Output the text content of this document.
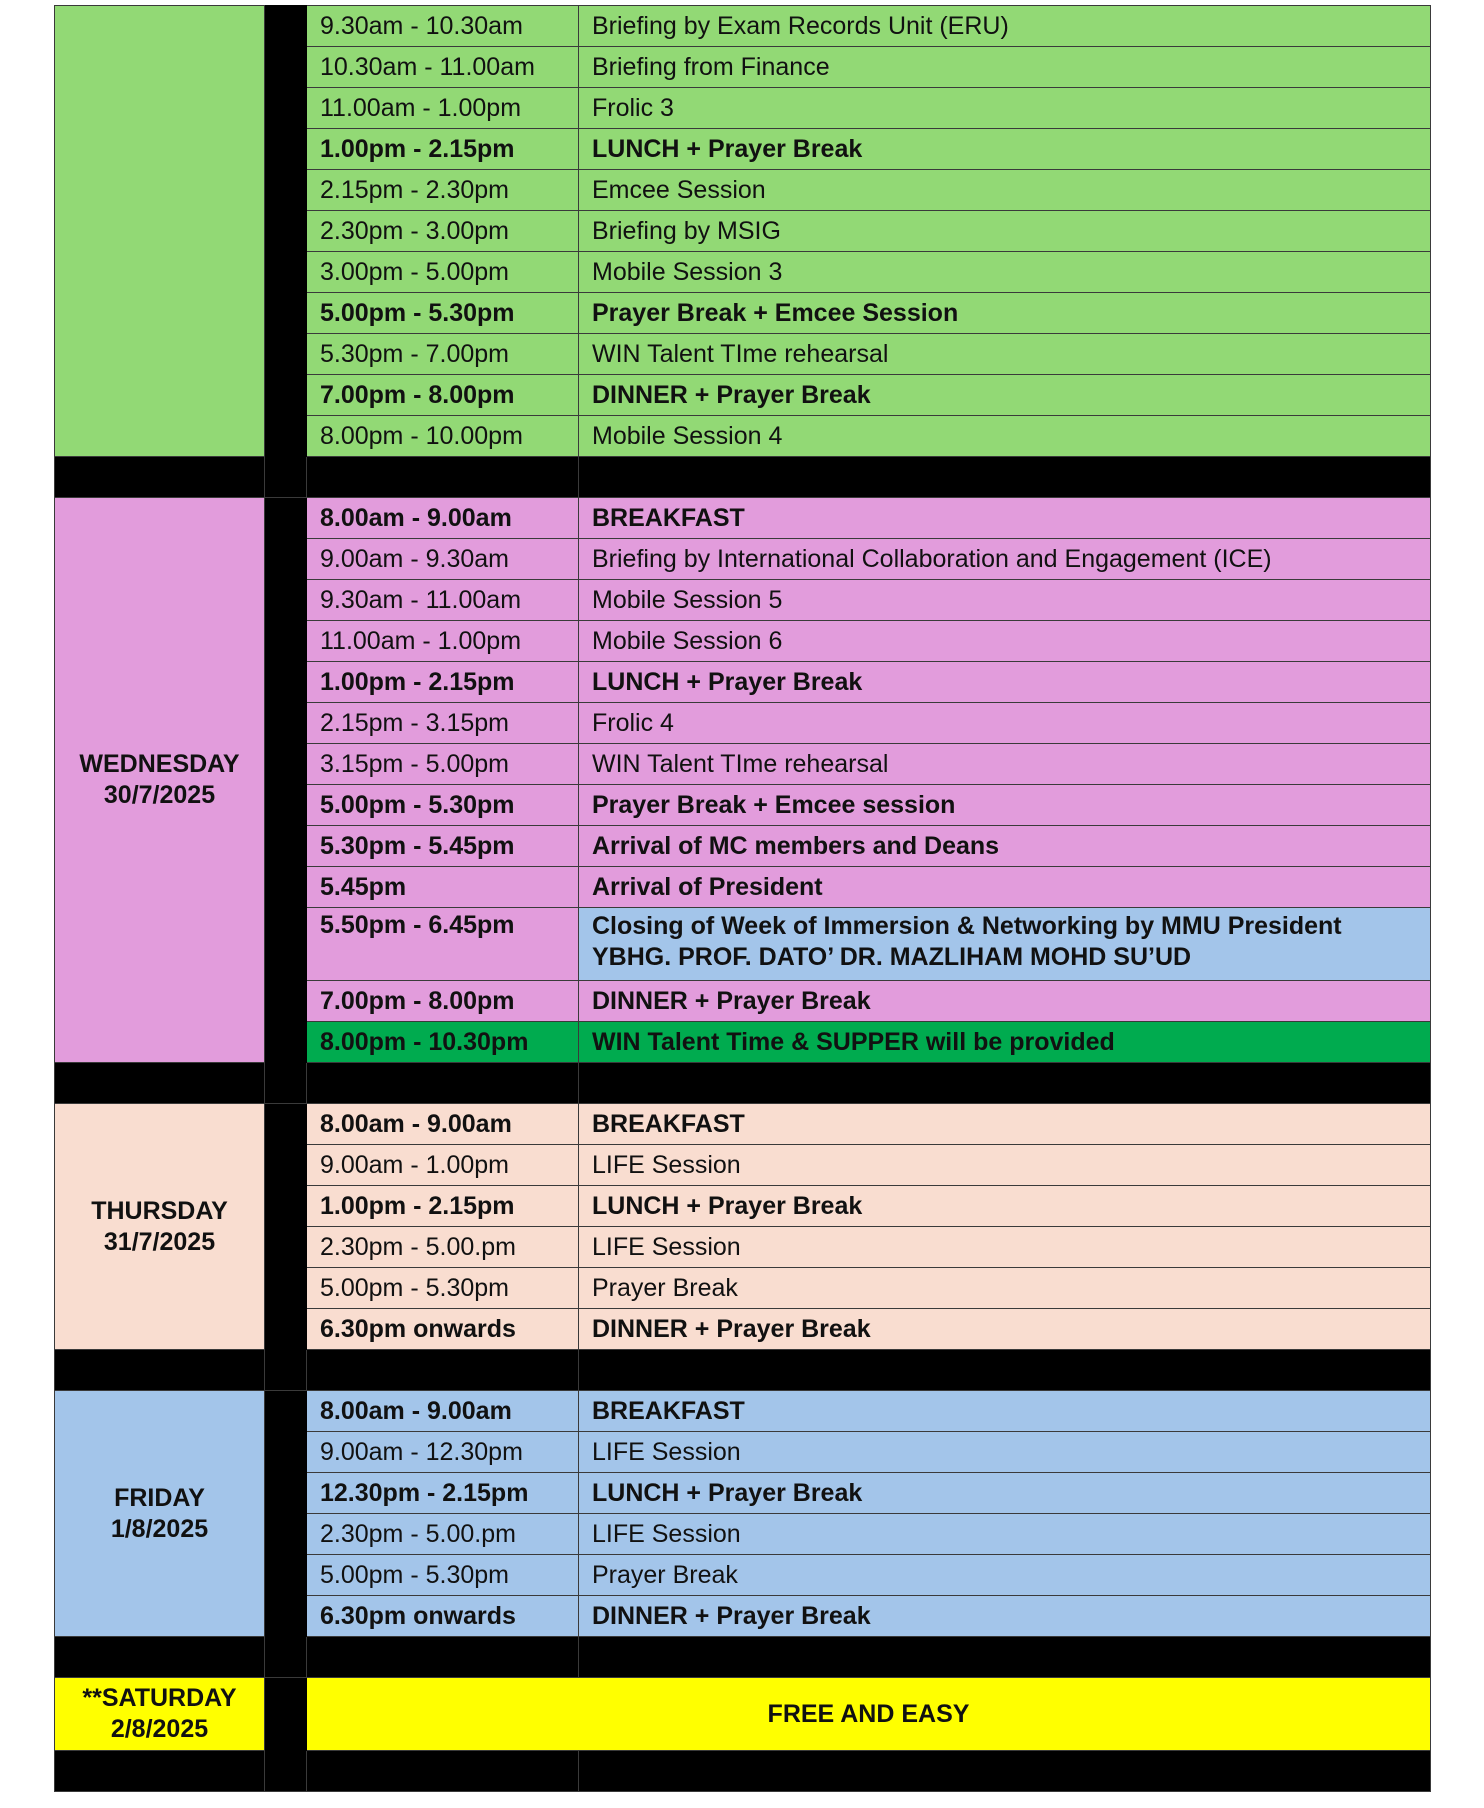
		9.30am - 10.30am	Briefing by Exam Records Unit (ERU)
		10.30am - 11.00am	Briefing from Finance
		11.00am - 1.00pm	Frolic 3
		1.00pm - 2.15pm	LUNCH + Prayer Break
		2.15pm - 2.30pm	Emcee Session
		2.30pm - 3.00pm	Briefing by MSIG
		3.00pm - 5.00pm	Mobile Session 3
		5.00pm - 5.30pm	Prayer Break + Emcee Session
		5.30pm - 7.00pm	WIN Talent TIme rehearsal
		7.00pm - 8.00pm	DINNER + Prayer Break
		8.00pm - 10.00pm	Mobile Session 4

WEDNESDAY
30/7/2025		8.00am - 9.00am	BREAKFAST
		9.00am - 9.30am	Briefing by International Collaboration and Engagement (ICE)
		9.30am - 11.00am	Mobile Session 5
		11.00am - 1.00pm	Mobile Session 6
		1.00pm - 2.15pm	LUNCH + Prayer Break
		2.15pm - 3.15pm	Frolic 4
		3.15pm - 5.00pm	WIN Talent TIme rehearsal
		5.00pm - 5.30pm	Prayer Break + Emcee session
		5.30pm - 5.45pm	Arrival of MC members and Deans
		5.45pm	Arrival of President
		5.50pm - 6.45pm	Closing of Week of Immersion & Networking by MMU President
YBHG. PROF. DATO’ DR. MAZLIHAM MOHD SU’UD

		7.00pm - 8.00pm	DINNER + Prayer Break
		8.00pm - 10.30pm	WIN Talent Time & SUPPER will be provided

THURSDAY
31/7/2025		8.00am - 9.00am	BREAKFAST
		9.00am - 1.00pm	LIFE Session
		1.00pm - 2.15pm	LUNCH + Prayer Break
		2.30pm - 5.00.pm	LIFE Session
		5.00pm - 5.30pm	Prayer Break
		6.30pm onwards	DINNER + Prayer Break

FRIDAY
1/8/2025		8.00am - 9.00am	BREAKFAST
		9.00am - 12.30pm	LIFE Session
		12.30pm - 2.15pm	LUNCH + Prayer Break
		2.30pm - 5.00.pm	LIFE Session
		5.00pm - 5.30pm	Prayer Break
		6.30pm onwards	DINNER + Prayer Break

**SATURDAY
2/8/2025		FREE AND EASY	
